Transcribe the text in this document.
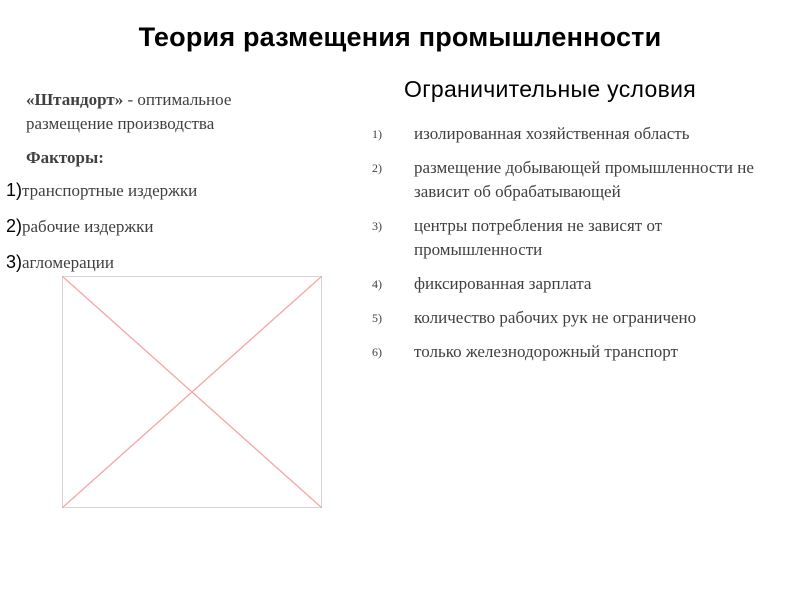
Теория размещения промышленности
«Штандорт» - оптимальное размещение производства
Факторы:
1) транспортные издержки
2) рабочие издержки
3) агломерации
Ограничительные условия
1)	изолированная хозяйственная область
2)	размещение добывающей промышленности не зависит об обрабатывающей
3)	центры потребления не зависят от промышленности
4)	фиксированная зарплата
5)	количество рабочих рук не ограничено
6)	только железнодорожный транспорт
